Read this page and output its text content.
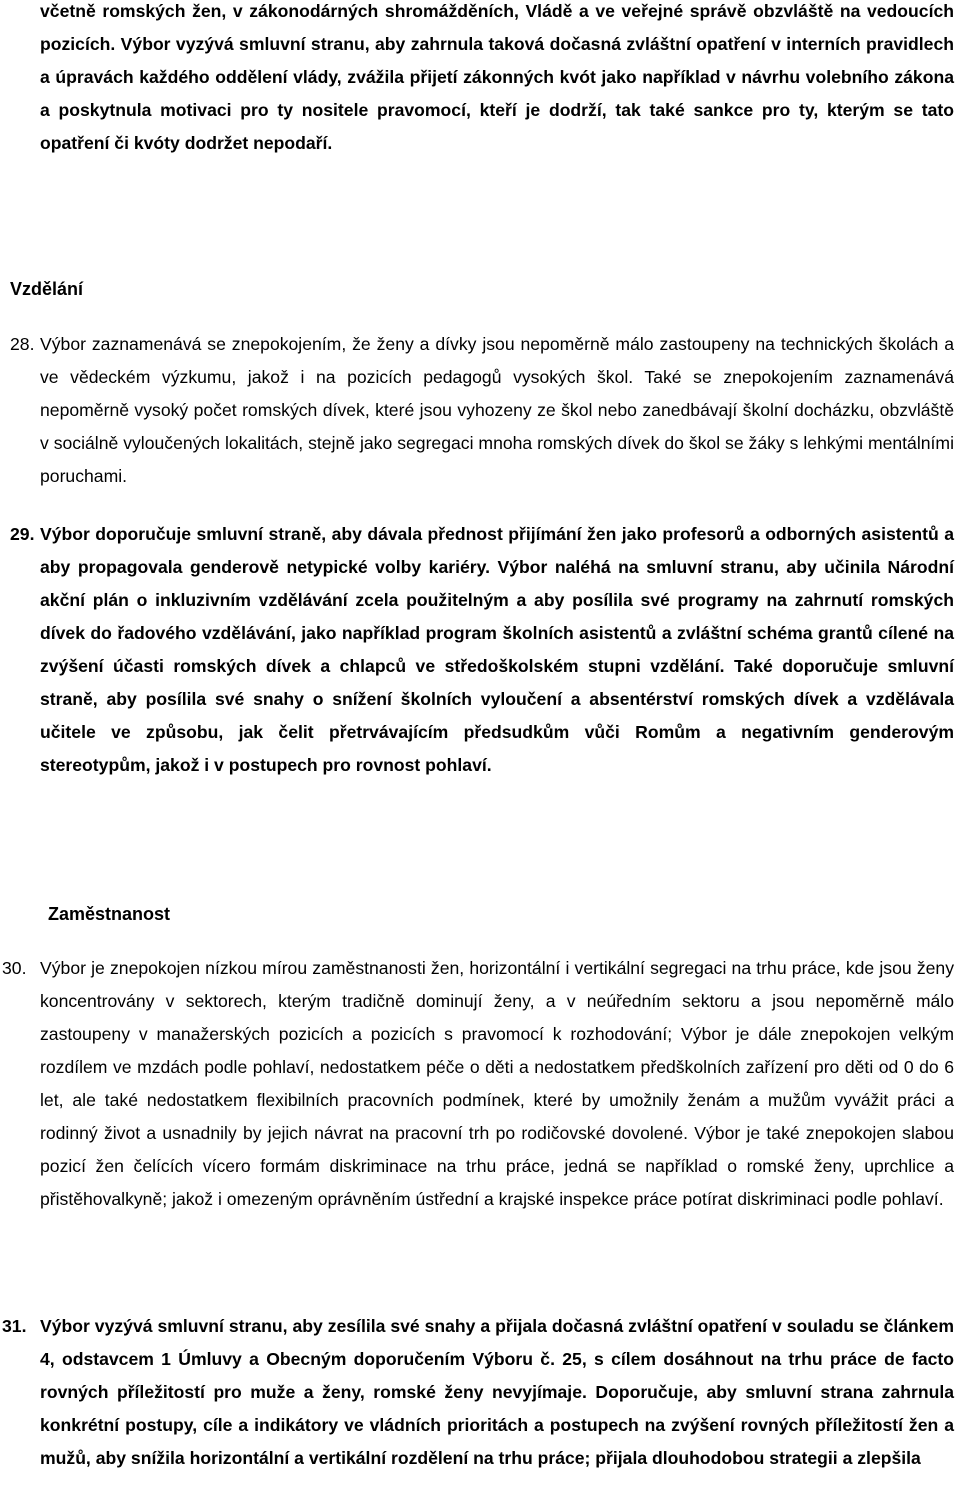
včetně romských žen, v zákonodárných shromážděních, Vládě a ve veřejné správě obzvláště na vedoucích pozicích. Výbor vyzývá smluvní stranu, aby zahrnula taková dočasná zvláštní opatření v interních pravidlech a úpravách každého oddělení vlády, zvážila přijetí zákonných kvót jako například v návrhu volebního zákona a poskytnula motivaci pro ty nositele pravomocí, kteří je dodrží, tak také sankce pro ty, kterým se tato opatření či kvóty dodržet nepodaří.

Vzdělání
28. Výbor zaznamenává se znepokojením, že ženy a dívky jsou nepoměrně málo zastoupeny na technických školách a ve vědeckém výzkumu, jakož i na pozicích pedagogů vysokých škol. Také se znepokojením zaznamenává nepoměrně vysoký počet romských dívek, které jsou vyhozeny ze škol nebo zanedbávají školní docházku, obzvláště v sociálně vyloučených lokalitách, stejně jako segregaci mnoha romských dívek do škol se žáky s lehkými mentálními poruchami.

29. Výbor doporučuje smluvní straně, aby dávala přednost přijímání žen jako profesorů a odborných asistentů a aby propagovala genderově netypické volby kariéry. Výbor naléhá na smluvní stranu, aby učinila Národní akční plán o inkluzivním vzdělávání zcela použitelným a aby posílila své programy na zahrnutí romských dívek do řadového vzdělávání, jako například program školních asistentů a zvláštní schéma grantů cílené na zvýšení účasti romských dívek a chlapců ve středoškolském stupni vzdělání. Také doporučuje smluvní straně, aby posílila své snahy o snížení školních vyloučení a absentérství romských dívek a vzdělávala učitele ve způsobu, jak čelit přetrvávajícím předsudkům vůči Romům a negativním genderovým stereotypům, jakož i v postupech pro rovnost pohlaví.

Zaměstnanost
30. Výbor je znepokojen nízkou mírou zaměstnanosti žen, horizontální i vertikální segregaci na trhu práce, kde jsou ženy koncentrovány v sektorech, kterým tradičně dominují ženy, a v neúředním sektoru a jsou nepoměrně málo zastoupeny v manažerských pozicích a pozicích s pravomocí k rozhodování; Výbor je dále znepokojen velkým rozdílem ve mzdách podle pohlaví, nedostatkem péče o děti a nedostatkem předškolních zařízení pro děti od 0 do 6 let, ale také nedostatkem flexibilních pracovních podmínek, které by umožnily ženám a mužům vyvážit práci a rodinný život a usnadnily by jejich návrat na pracovní trh po rodičovské dovolené. Výbor je také znepokojen slabou pozicí žen čelících vícero formám diskriminace na trhu práce, jedná se například o romské ženy, uprchlice a přistěhovalkyně; jakož i omezeným oprávněním ústřední a krajské inspekce práce potírat diskriminaci podle pohlaví.

31. Výbor vyzývá smluvní stranu, aby zesílila své snahy a přijala dočasná zvláštní opatření v souladu se článkem 4, odstavcem 1 Úmluvy a Obecným doporučením Výboru č. 25, s cílem dosáhnout na trhu práce de facto rovných příležitostí pro muže a ženy, romské ženy nevyjímaje. Doporučuje, aby smluvní strana zahrnula konkrétní postupy, cíle a indikátory ve vládních prioritách a postupech na zvýšení rovných příležitostí žen a mužů, aby snížila horizontální a vertikální rozdělení na trhu práce; přijala dlouhodobou strategii a zlepšila
